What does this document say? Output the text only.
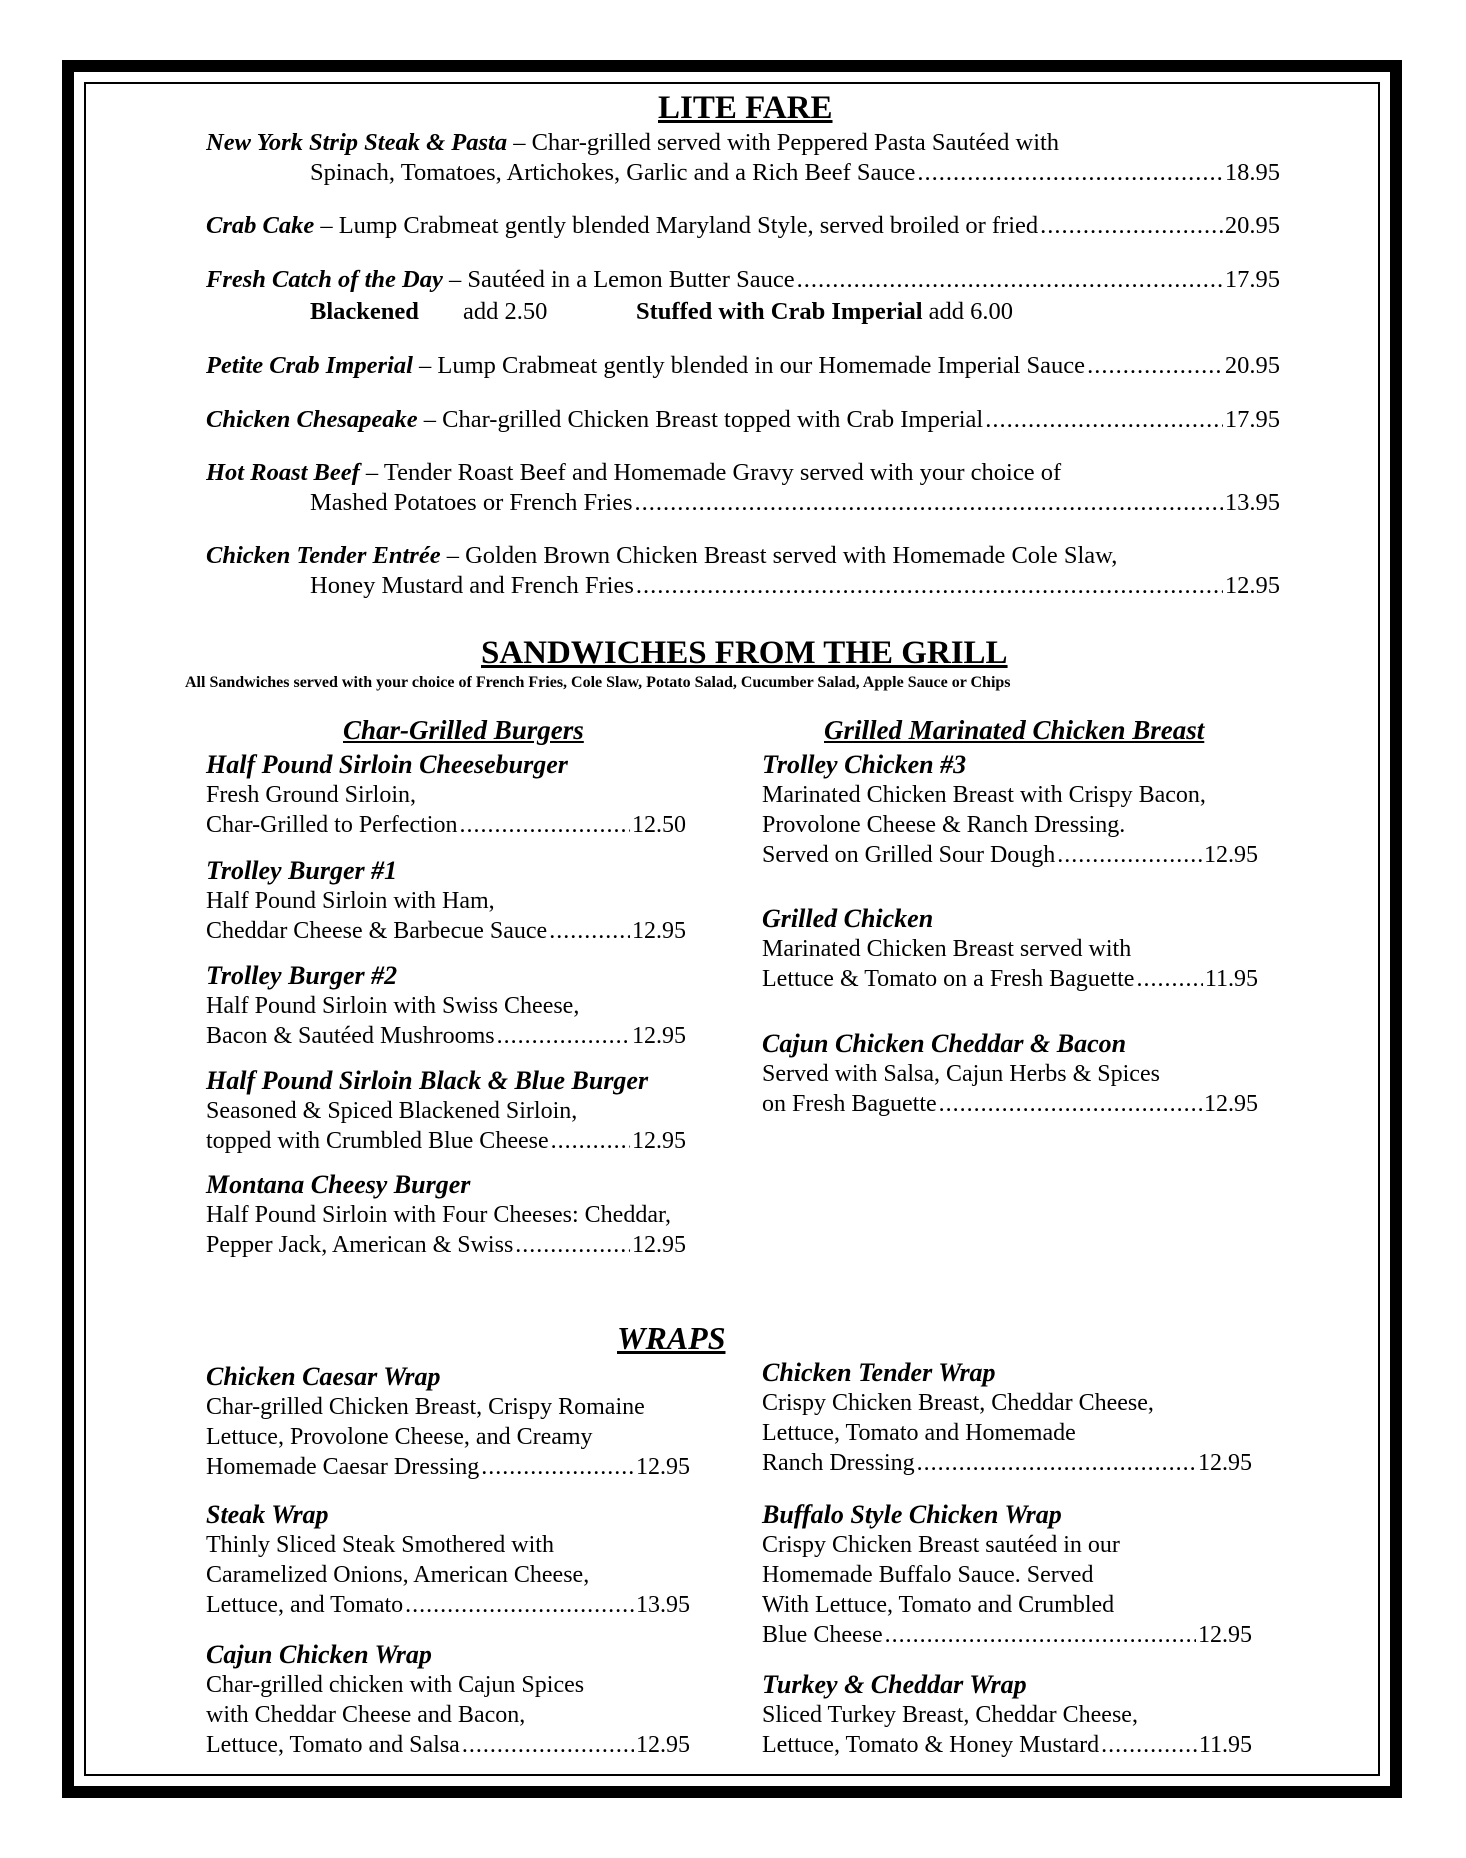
LITE FARE
New York Strip Steak & Pasta – Char-grilled served with Peppered Pasta Sautéed with
Spinach, Tomatoes, Artichokes, Garlic and a Rich Beef Sauce .....	18.95
Crab Cake – Lump Crabmeat gently blended Maryland Style, served broiled or fried .....	20.95
Fresh Catch of the Day – Sautéed in a Lemon Butter Sauce .....	17.95
Blackened add 2.50	Stuffed with Crab Imperial add 6.00
Petite Crab Imperial – Lump Crabmeat gently blended in our Homemade Imperial Sauce .....	20.95
Chicken Chesapeake – Char-grilled Chicken Breast topped with Crab Imperial .....	17.95
Hot Roast Beef – Tender Roast Beef and Homemade Gravy served with your choice of
Mashed Potatoes or French Fries .....	13.95
Chicken Tender Entrée – Golden Brown Chicken Breast served with Homemade Cole Slaw,
Honey Mustard and French Fries .....	12.95
SANDWICHES FROM THE GRILL
All Sandwiches served with your choice of French Fries, Cole Slaw, Potato Salad, Cucumber Salad, Apple Sauce or Chips
Char-Grilled Burgers	Grilled Marinated Chicken Breast
Half Pound Sirloin Cheeseburger
Fresh Ground Sirloin,
Char-Grilled to Perfection .....	12.50
Trolley Burger #1
Half Pound Sirloin with Ham,
Cheddar Cheese & Barbecue Sauce .....	12.95
Trolley Burger #2
Half Pound Sirloin with Swiss Cheese,
Bacon & Sautéed Mushrooms .....	12.95
Half Pound Sirloin Black & Blue Burger
Seasoned & Spiced Blackened Sirloin,
topped with Crumbled Blue Cheese .....	12.95
Montana Cheesy Burger
Half Pound Sirloin with Four Cheeses: Cheddar,
Pepper Jack, American & Swiss .....	12.95
Trolley Chicken #3
Marinated Chicken Breast with Crispy Bacon,
Provolone Cheese & Ranch Dressing.
Served on Grilled Sour Dough .....	12.95
Grilled Chicken
Marinated Chicken Breast served with
Lettuce & Tomato on a Fresh Baguette .....	11.95
Cajun Chicken Cheddar & Bacon
Served with Salsa, Cajun Herbs & Spices
on Fresh Baguette .....	12.95
WRAPS
Chicken Caesar Wrap
Char-grilled Chicken Breast, Crispy Romaine
Lettuce, Provolone Cheese, and Creamy
Homemade Caesar Dressing .....	12.95
Steak Wrap
Thinly Sliced Steak Smothered with
Caramelized Onions, American Cheese,
Lettuce, and Tomato .....	13.95
Cajun Chicken Wrap
Char-grilled chicken with Cajun Spices
with Cheddar Cheese and Bacon,
Lettuce, Tomato and Salsa .....	12.95
Chicken Tender Wrap
Crispy Chicken Breast, Cheddar Cheese,
Lettuce, Tomato and Homemade
Ranch Dressing .....	12.95
Buffalo Style Chicken Wrap
Crispy Chicken Breast sautéed in our
Homemade Buffalo Sauce. Served
With Lettuce, Tomato and Crumbled
Blue Cheese .....	12.95
Turkey & Cheddar Wrap
Sliced Turkey Breast, Cheddar Cheese,
Lettuce, Tomato & Honey Mustard .....	11.95
